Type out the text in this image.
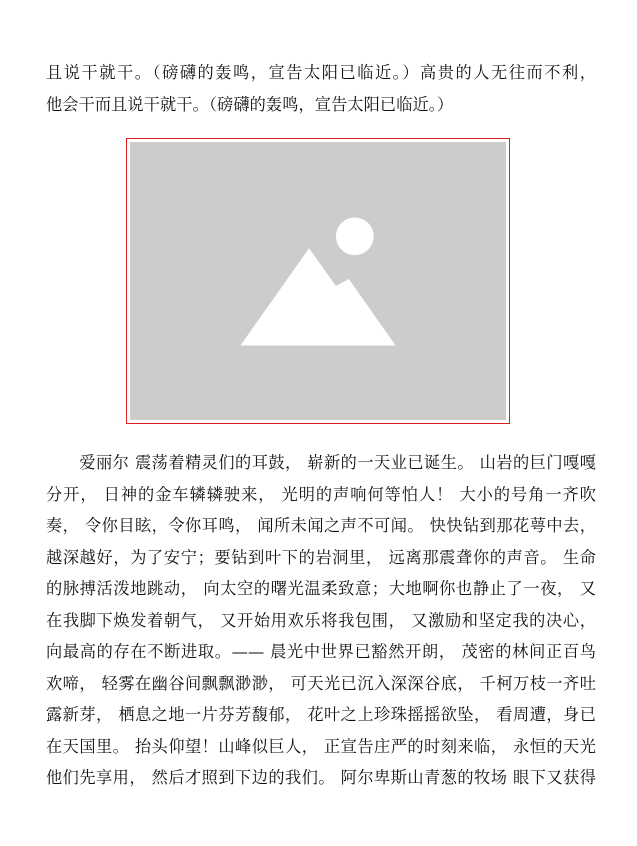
且说干就干。（磅礴的轰鸣，宣告太阳已临近。）高贵的人无往而不利，
他会干而且说干就干。（磅礴的轰鸣，宣告太阳已临近。）

　　爱丽尔 震荡着精灵们的耳鼓， 崭新的一天业已诞生。 山岩的巨门嘎嘎
分开， 日神的金车辚辚驶来， 光明的声响何等怕人！ 大小的号角一齐吹
奏， 令你目眩，令你耳鸣， 闻所未闻之声不可闻。 快快钻到那花萼中去，
越深越好，为了安宁；要钻到叶下的岩洞里， 远离那震聋你的声音。 生命
的脉搏活泼地跳动， 向太空的曙光温柔致意；大地啊你也静止了一夜， 又
在我脚下焕发着朝气， 又开始用欢乐将我包围， 又激励和坚定我的决心，
向最高的存在不断进取。—— 晨光中世界已豁然开朗， 茂密的林间正百鸟
欢啼， 轻雾在幽谷间飘飘渺渺， 可天光已沉入深深谷底， 千柯万枝一齐吐
露新芽， 栖息之地一片芬芳馥郁， 花叶之上珍珠摇摇欲坠， 看周遭，身已
在天国里。 抬头仰望！山峰似巨人， 正宣告庄严的时刻来临， 永恒的天光
他们先享用， 然后才照到下边的我们。 阿尔卑斯山青葱的牧场 眼下又获得
